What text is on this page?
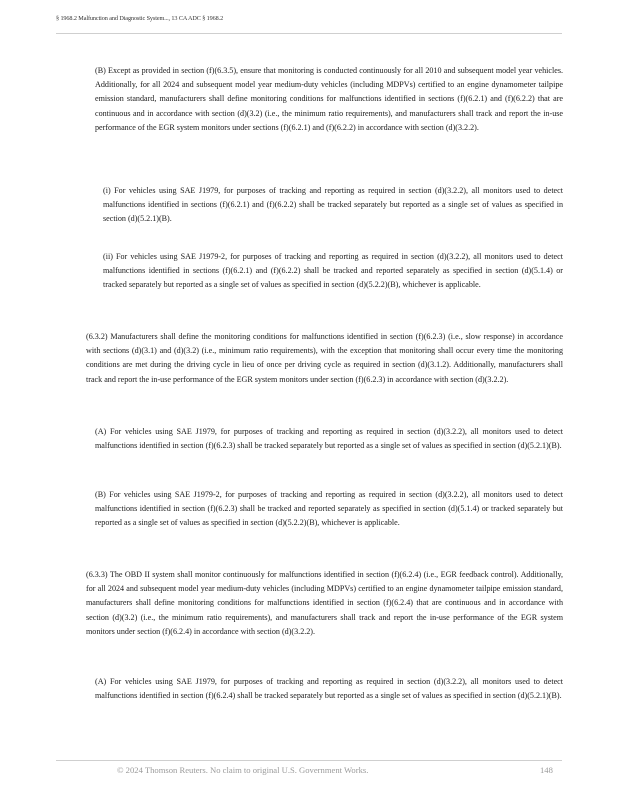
§ 1968.2 Malfunction and Diagnostic System..., 13 CA ADC § 1968.2

(B) Except as provided in section (f)(6.3.5), ensure that monitoring is conducted continuously for all 2010 and subsequent model year vehicles. Additionally, for all 2024 and subsequent model year medium-duty vehicles (including MDPVs) certified to an engine dynamometer tailpipe emission standard, manufacturers shall define monitoring conditions for malfunctions identified in sections (f)(6.2.1) and (f)(6.2.2) that are continuous and in accordance with section (d)(3.2) (i.e., the minimum ratio requirements), and manufacturers shall track and report the in-use performance of the EGR system monitors under sections (f)(6.2.1) and (f)(6.2.2) in accordance with section (d)(3.2.2).

(i) For vehicles using SAE J1979, for purposes of tracking and reporting as required in section (d)(3.2.2), all monitors used to detect malfunctions identified in sections (f)(6.2.1) and (f)(6.2.2) shall be tracked separately but reported as a single set of values as specified in section (d)(5.2.1)(B).

(ii) For vehicles using SAE J1979-2, for purposes of tracking and reporting as required in section (d)(3.2.2), all monitors used to detect malfunctions identified in sections (f)(6.2.1) and (f)(6.2.2) shall be tracked and reported separately as specified in section (d)(5.1.4) or tracked separately but reported as a single set of values as specified in section (d)(5.2.2)(B), whichever is applicable.

(6.3.2) Manufacturers shall define the monitoring conditions for malfunctions identified in section (f)(6.2.3) (i.e., slow response) in accordance with sections (d)(3.1) and (d)(3.2) (i.e., minimum ratio requirements), with the exception that monitoring shall occur every time the monitoring conditions are met during the driving cycle in lieu of once per driving cycle as required in section (d)(3.1.2). Additionally, manufacturers shall track and report the in-use performance of the EGR system monitors under section (f)(6.2.3) in accordance with section (d)(3.2.2).

(A) For vehicles using SAE J1979, for purposes of tracking and reporting as required in section (d)(3.2.2), all monitors used to detect malfunctions identified in section (f)(6.2.3) shall be tracked separately but reported as a single set of values as specified in section (d)(5.2.1)(B).

(B) For vehicles using SAE J1979-2, for purposes of tracking and reporting as required in section (d)(3.2.2), all monitors used to detect malfunctions identified in section (f)(6.2.3) shall be tracked and reported separately as specified in section (d)(5.1.4) or tracked separately but reported as a single set of values as specified in section (d)(5.2.2)(B), whichever is applicable.

(6.3.3) The OBD II system shall monitor continuously for malfunctions identified in section (f)(6.2.4) (i.e., EGR feedback control). Additionally, for all 2024 and subsequent model year medium-duty vehicles (including MDPVs) certified to an engine dynamometer tailpipe emission standard, manufacturers shall define monitoring conditions for malfunctions identified in section (f)(6.2.4) that are continuous and in accordance with section (d)(3.2) (i.e., the minimum ratio requirements), and manufacturers shall track and report the in-use performance of the EGR system monitors under section (f)(6.2.4) in accordance with section (d)(3.2.2).

(A) For vehicles using SAE J1979, for purposes of tracking and reporting as required in section (d)(3.2.2), all monitors used to detect malfunctions identified in section (f)(6.2.4) shall be tracked separately but reported as a single set of values as specified in section (d)(5.2.1)(B).

© 2024 Thomson Reuters. No claim to original U.S. Government Works.	148
